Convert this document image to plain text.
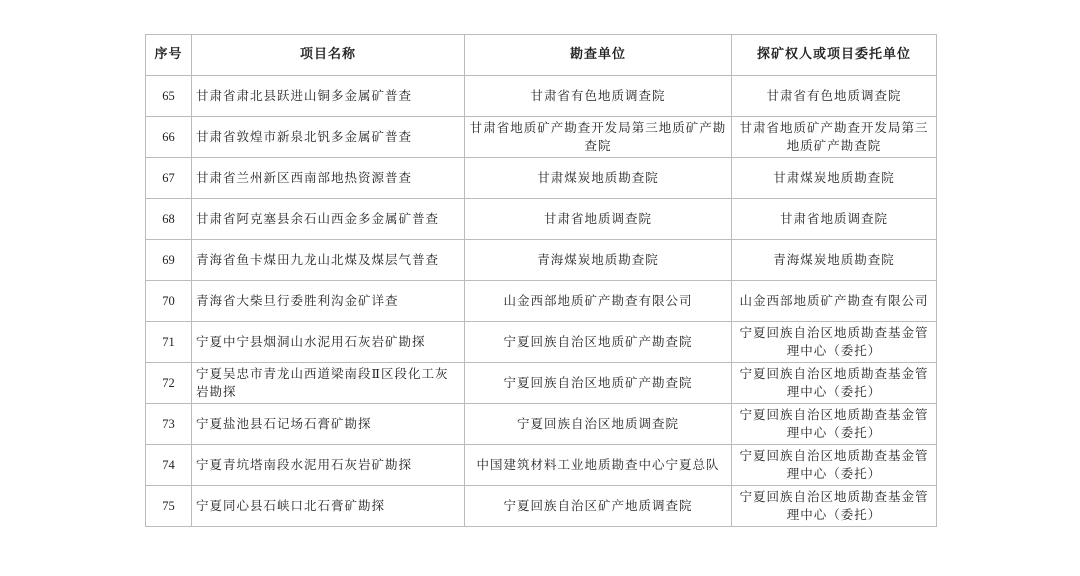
序号	项目名称	勘查单位	探矿权人或项目委托单位
65	甘肃省肃北县跃进山铜多金属矿普查	甘肃省有色地质调查院	甘肃省有色地质调查院
66	甘肃省敦煌市新泉北钒多金属矿普查	甘肃省地质矿产勘查开发局第三地质矿产勘查院	甘肃省地质矿产勘查开发局第三地质矿产勘查院
67	甘肃省兰州新区西南部地热资源普查	甘肃煤炭地质勘查院	甘肃煤炭地质勘查院
68	甘肃省阿克塞县余石山西金多金属矿普查	甘肃省地质调查院	甘肃省地质调查院
69	青海省鱼卡煤田九龙山北煤及煤层气普查	青海煤炭地质勘查院	青海煤炭地质勘查院
70	青海省大柴旦行委胜利沟金矿详查	山金西部地质矿产勘查有限公司	山金西部地质矿产勘查有限公司
71	宁夏中宁县烟洞山水泥用石灰岩矿勘探	宁夏回族自治区地质矿产勘查院	宁夏回族自治区地质勘查基金管理中心（委托）
72	宁夏吴忠市青龙山西道梁南段Ⅱ区段化工灰岩勘探	宁夏回族自治区地质矿产勘查院	宁夏回族自治区地质勘查基金管理中心（委托）
73	宁夏盐池县石记场石膏矿勘探	宁夏回族自治区地质调查院	宁夏回族自治区地质勘查基金管理中心（委托）
74	宁夏青坑塔南段水泥用石灰岩矿勘探	中国建筑材料工业地质勘查中心宁夏总队	宁夏回族自治区地质勘查基金管理中心（委托）
75	宁夏同心县石峡口北石膏矿勘探	宁夏回族自治区矿产地质调查院	宁夏回族自治区地质勘查基金管理中心（委托）
